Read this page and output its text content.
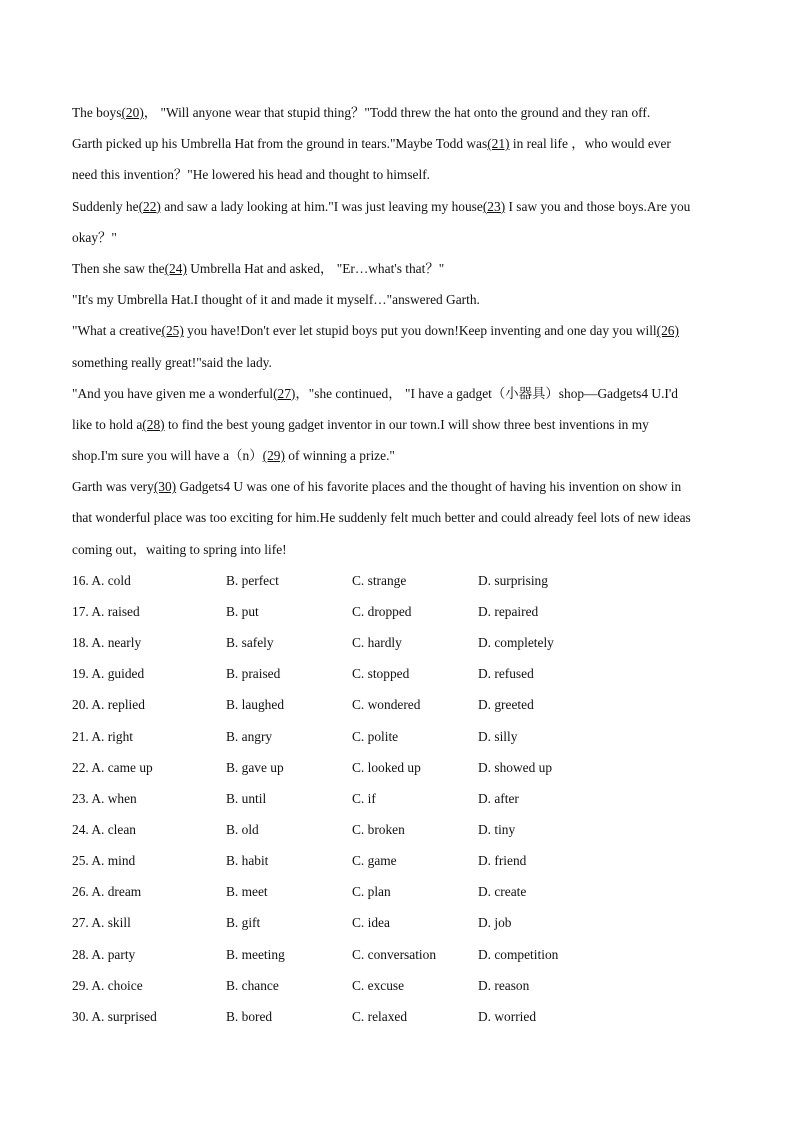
The boys(20)， "Will anyone wear that stupid thing？"Todd threw the hat onto the ground and they ran off.
Garth picked up his Umbrella Hat from the ground in tears."Maybe Todd was(21) in real life ，who would ever
need this invention？"He lowered his head and thought to himself.
Suddenly he(22) and saw a lady looking at him."I was just leaving my house(23) I saw you and those boys.Are you
okay？"
Then she saw the(24) Umbrella Hat and asked， "Er…what's that？"
"It's my Umbrella Hat.I thought of it and made it myself…"answered Garth.
"What a creative(25) you have!Don't ever let stupid boys put you down!Keep inventing and one day you will(26)
something really great!"said the lady.
"And you have given me a wonderful(27)，"she continued， "I have a gadget（小器具）shop—Gadgets4 U.I'd
like to hold a(28) to find the best young gadget inventor in our town.I will show three best inventions in my
shop.I'm sure you will have a（n）(29) of winning a prize."
Garth was very(30) Gadgets4 U was one of his favorite places and the thought of having his invention on show in
that wonderful place was too exciting for him.He suddenly felt much better and could already feel lots of new ideas
coming out，waiting to spring into life!
16. A. cold	B. perfect	C. strange	D. surprising
17. A. raised	B. put	C. dropped	D. repaired
18. A. nearly	B. safely	C. hardly	D. completely
19. A. guided	B. praised	C. stopped	D. refused
20. A. replied	B. laughed	C. wondered	D. greeted
21. A. right	B. angry	C. polite	D. silly
22. A. came up	B. gave up	C. looked up	D. showed up
23. A. when	B. until	C. if	D. after
24. A. clean	B. old	C. broken	D. tiny
25. A. mind	B. habit	C. game	D. friend
26. A. dream	B. meet	C. plan	D. create
27. A. skill	B. gift	C. idea	D. job
28. A. party	B. meeting	C. conversation	D. competition
29. A. choice	B. chance	C. excuse	D. reason
30. A. surprised	B. bored	C. relaxed	D. worried
